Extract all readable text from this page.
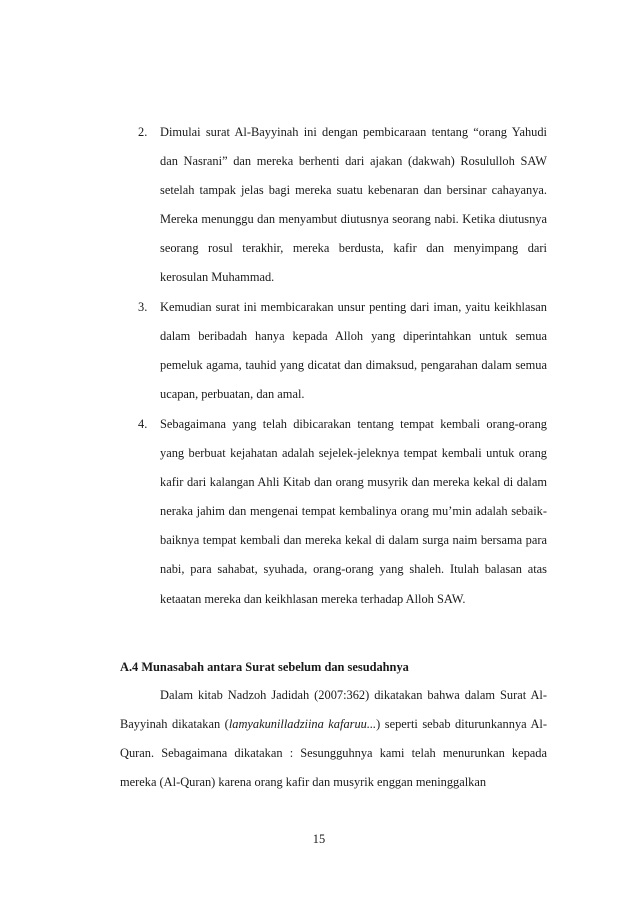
2. Dimulai surat Al-Bayyinah ini dengan pembicaraan tentang “orang Yahudi dan Nasrani” dan mereka berhenti dari ajakan (dakwah) Rosululloh SAW setelah tampak jelas bagi mereka suatu kebenaran dan bersinar cahayanya. Mereka menunggu dan menyambut diutusnya seorang nabi. Ketika diutusnya seorang rosul terakhir, mereka berdusta, kafir dan menyimpang dari kerosulan Muhammad.

3. Kemudian surat ini membicarakan unsur penting dari iman, yaitu keikhlasan dalam beribadah hanya kepada Alloh yang diperintahkan untuk semua pemeluk agama, tauhid yang dicatat dan dimaksud, pengarahan dalam semua ucapan, perbuatan, dan amal.

4. Sebagaimana yang telah dibicarakan tentang tempat kembali orang-orang yang berbuat kejahatan adalah sejelek-jeleknya tempat kembali untuk orang kafir dari kalangan Ahli Kitab dan orang musyrik dan mereka kekal di dalam neraka jahim dan mengenai tempat kembalinya orang mu’min adalah sebaik-baiknya tempat kembali dan mereka kekal di dalam surga naim bersama para nabi, para sahabat, syuhada, orang-orang yang shaleh. Itulah balasan atas ketaatan mereka dan keikhlasan mereka terhadap Alloh SAW.

A.4 Munasabah antara Surat sebelum dan sesudahnya

Dalam kitab Nadzoh Jadidah (2007:362) dikatakan bahwa dalam Surat Al-Bayyinah dikatakan (lamyakunilladziina kafaruu...) seperti sebab diturunkannya Al-Quran. Sebagaimana dikatakan : Sesungguhnya kami telah menurunkan kepada mereka (Al-Quran) karena orang kafir dan musyrik enggan meninggalkan

15
